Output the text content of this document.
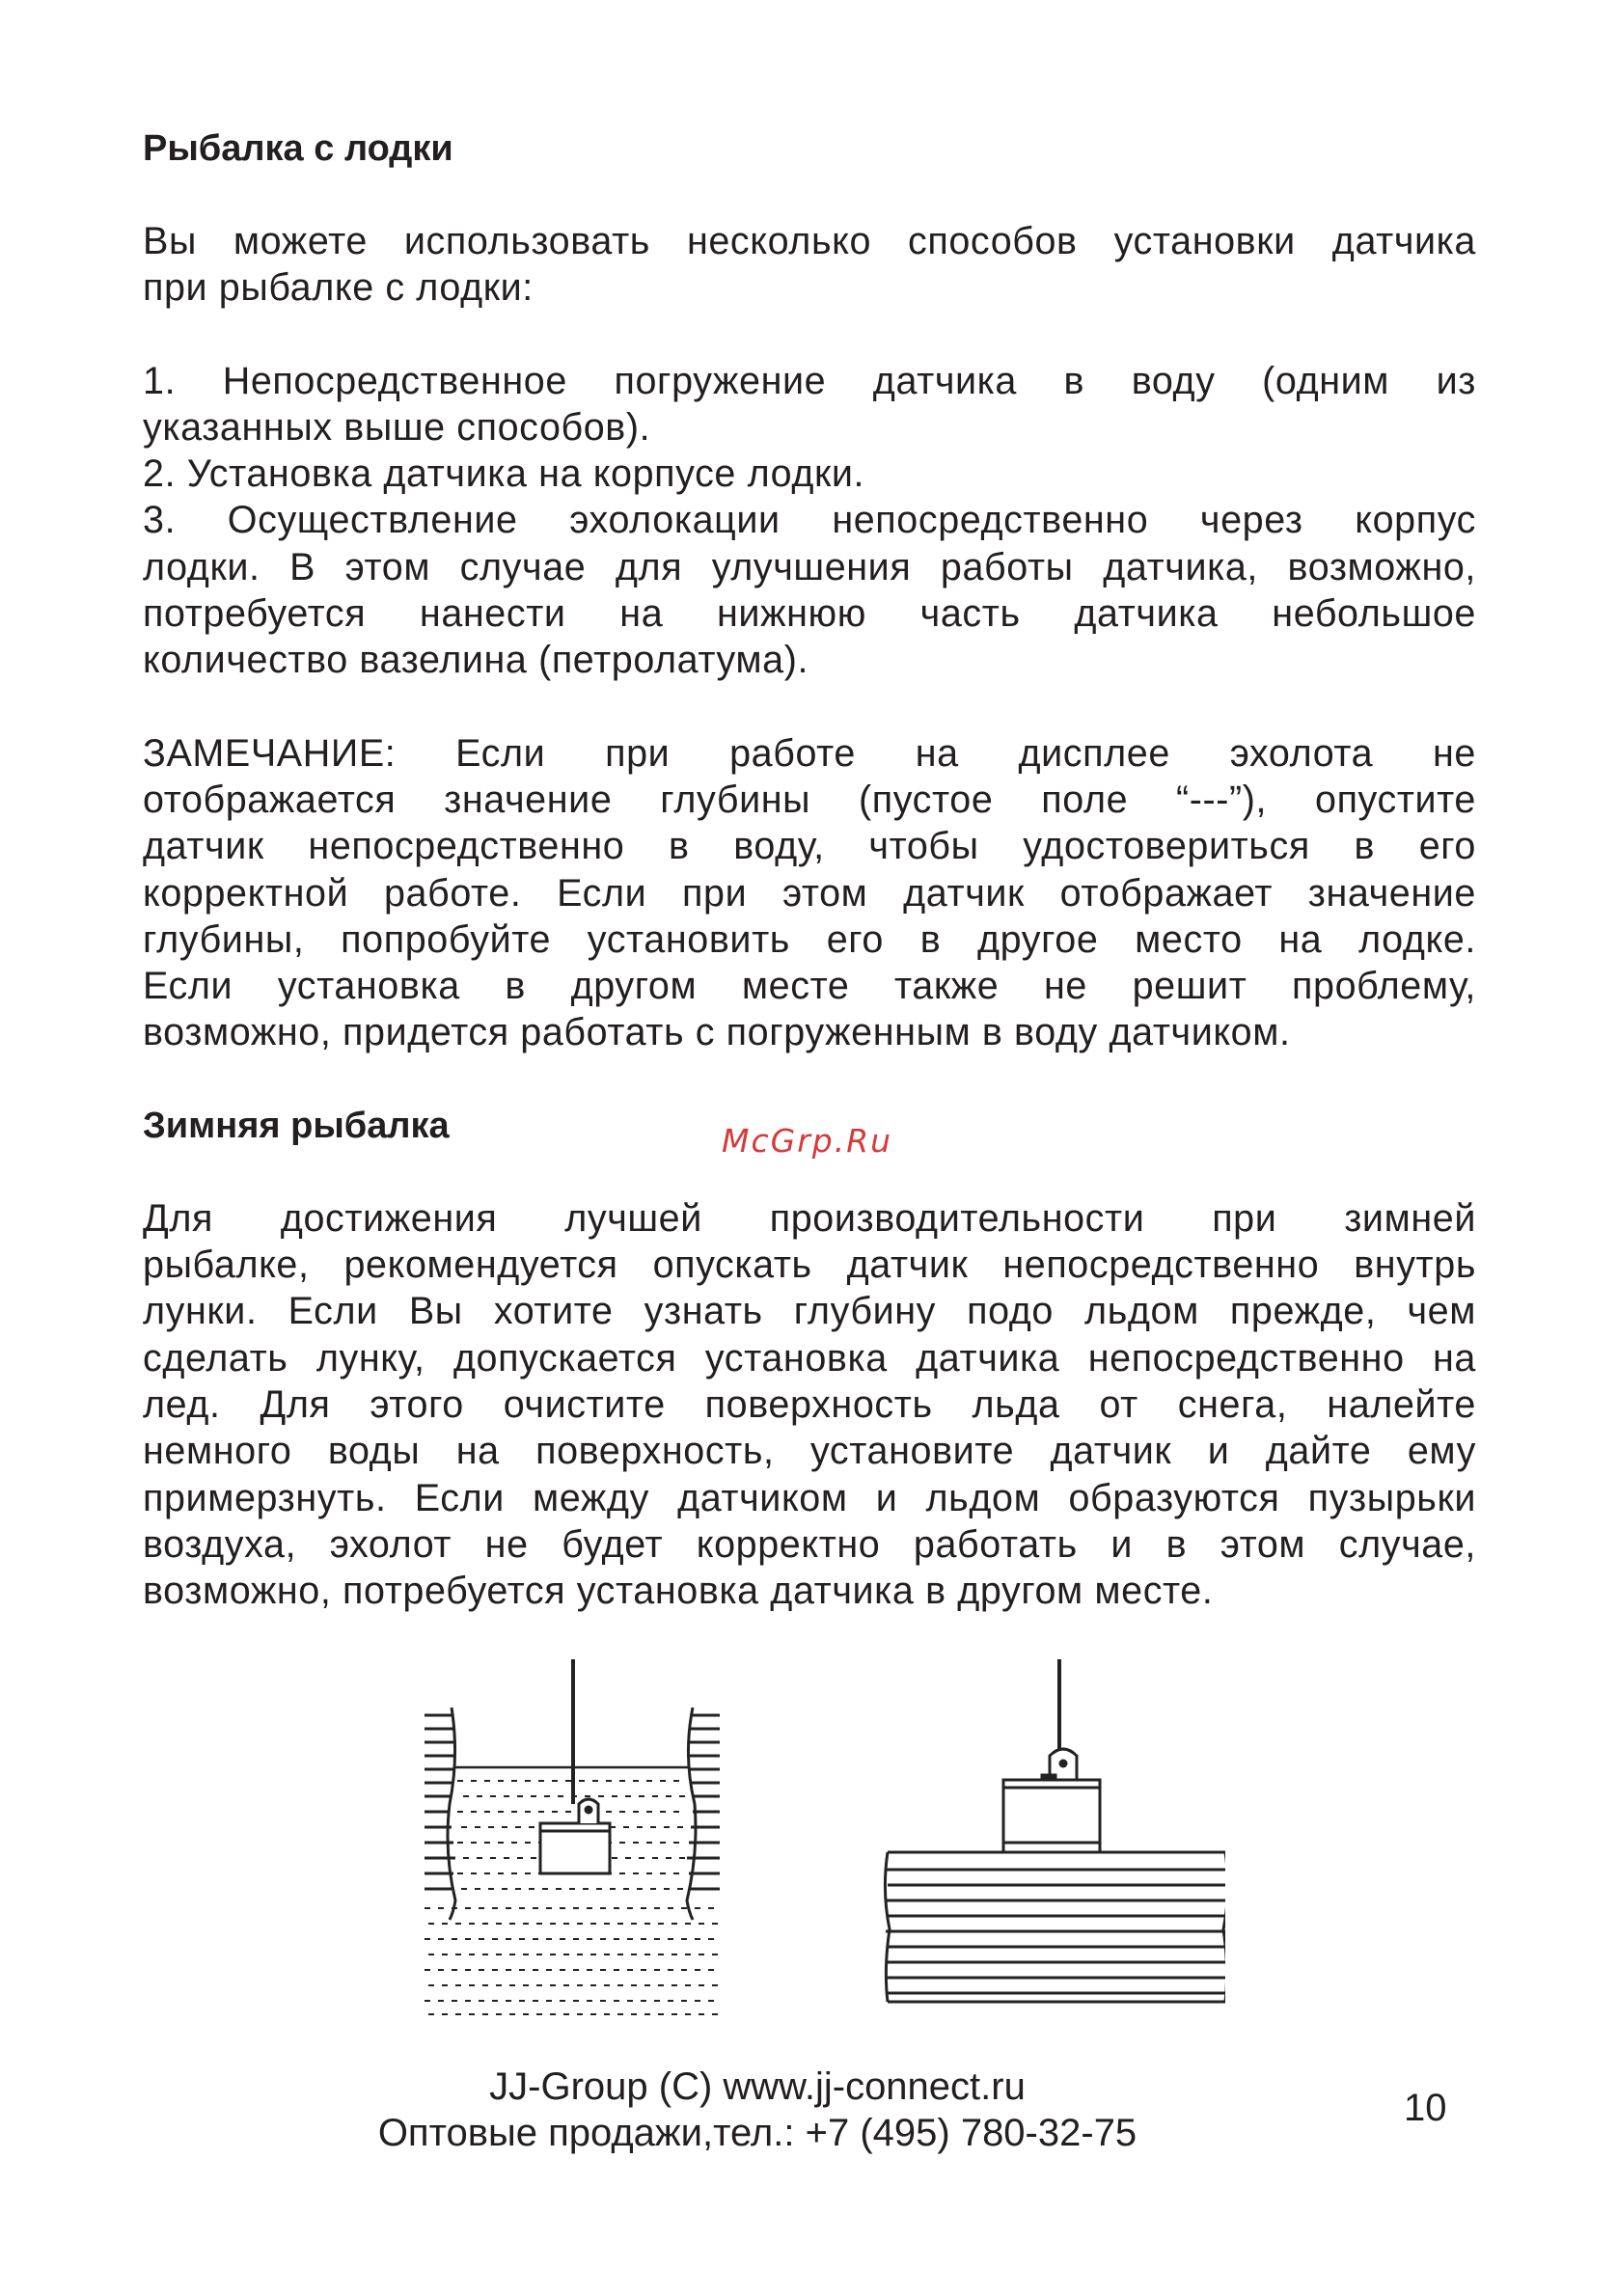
Рыбалка с лодки

Вы можете использовать несколько способов установки датчика
при рыбалке с лодки:

1. Непосредственное погружение датчика в воду (одним из
указанных выше способов).
2. Установка датчика на корпусе лодки.
3. Осуществление эхолокации непосредственно через корпус
лодки. В этом случае для улучшения работы датчика, возможно,
потребуется нанести на нижнюю часть датчика небольшое
количество вазелина (петролатума).

ЗАМЕЧАНИЕ: Если при работе на дисплее эхолота не
отображается значение глубины (пустое поле “---”), опустите
датчик непосредственно в воду, чтобы удостовериться в его
корректной работе. Если при этом датчик отображает значение
глубины, попробуйте установить его в другое место на лодке.
Если установка в другом месте также не решит проблему,
возможно, придется работать с погруженным в воду датчиком.

Зимняя рыбалка	McGrp.Ru

Для достижения лучшей производительности при зимней
рыбалке, рекомендуется опускать датчик непосредственно внутрь
лунки. Если Вы хотите узнать глубину подо льдом прежде, чем
сделать лунку, допускается установка датчика непосредственно на
лед. Для этого очистите поверхность льда от снега, налейте
немного воды на поверхность, установите датчик и дайте ему
примерзнуть. Если между датчиком и льдом образуются пузырьки
воздуха, эхолот не будет корректно работать и в этом случае,
возможно, потребуется установка датчика в другом месте.

JJ-Group (C) www.jj-connect.ru
Оптовые продажи,тел.: +7 (495) 780-32-75
10
